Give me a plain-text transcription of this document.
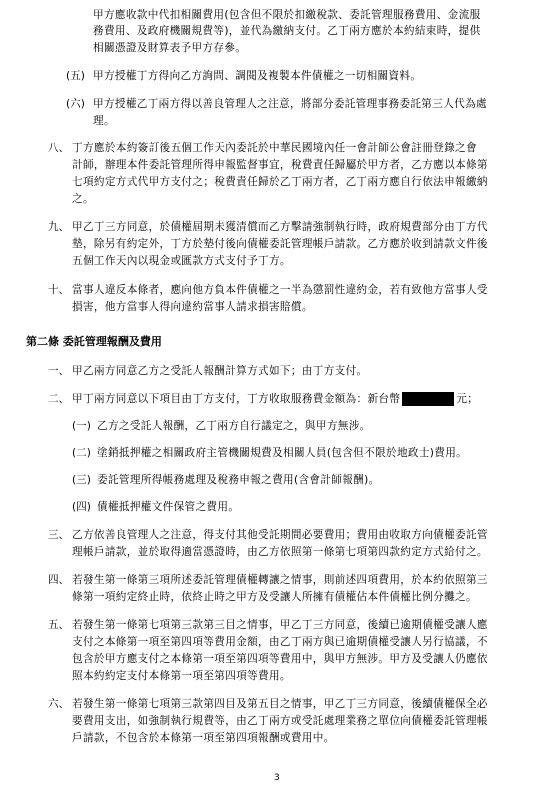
甲方應收款中代扣相關費用(包含但不限於扣繳稅款、委託管理服務費用、金流服
務費用、及政府機關規費等)，並代為繳納支付。乙丁兩方應於本約結束時，提供
相關憑證及財算表予甲方存參。
(五) 甲方授權丁方得向乙方詢問、調閱及複製本件債權之一切相關資料。
(六) 甲方授權乙丁兩方得以善良管理人之注意，將部分委託管理事務委託第三人代為處
理。
八、 丁方應於本約簽訂後五個工作天內委託於中華民國境內任一會計師公會註冊登錄之會
計師，辦理本件委託管理所得申報監督事宜，稅費責任歸屬於甲方者，乙方應以本條第
七項約定方式代甲方支付之；稅費責任歸於乙丁兩方者，乙丁兩方應自行依法申報繳納
之。
九、 甲乙丁三方同意，於債權屆期未獲清償而乙方擊請強制執行時，政府規費部分由丁方代
墊，除另有約定外，丁方於墊付後向債權委託管理帳戶請款。乙方應於收到請款文件後
五個工作天內以現金或匯款方式支付予丁方。
十、 當事人違反本條者，應向他方負本件債權之一半為懲罰性違約金，若有致他方當事人受
損害，他方當事人得向違約當事人請求損害賠償。
第二條 委託管理報酬及費用
一、 甲乙兩方同意乙方之受託人報酬計算方式如下；由丁方支付。
二、 甲丁兩方同意以下項目由丁方支付，丁方收取服務費金額為：新台幣	元；
(一) 乙方之受託人報酬，乙丁兩方自行議定之，與甲方無涉。
(二) 塗銷抵押權之相關政府主管機關規費及相關人員(包含但不限於地政士)費用。
(三) 委託管理所得帳務處理及稅務申報之費用(含會計師報酬)。
(四) 債權抵押權文件保管之費用。
三、 乙方依善良管理人之注意，得支付其他受託期間必要費用；費用由收取方向債權委託管
理帳戶請款，並於取得適當憑證時，由乙方依照第一條第七項第四款約定方式給付之。
四、 若發生第一條第三項所述委託管理債權轉讓之情事，則前述四項費用，於本約依照第三
條第一項約定終止時，依終止時之甲方及受讓人所擁有債權佔本件債權比例分攤之。
五、 若發生第一條第七項第三款第三目之情事，甲乙丁三方同意，後續已逾期債權受讓人應
支付之本條第一項至第四項等費用金額，由乙丁兩方與已逾期債權受讓人另行協議，不
包含於甲方應支付之本條第一項至第四項等費用中，與甲方無涉。甲方及受讓人仍應依
照本約約定支付本條第一項至第四項等費用。
六、 若發生第一條第七項第三款第四目及第五目之情事，甲乙丁三方同意，後續債權保全必
要費用支出，如強制執行規費等，由乙丁兩方或受託處理業務之單位向債權委託管理帳
戶請款，不包含於本條第一項至第四項報酬或費用中。
3
